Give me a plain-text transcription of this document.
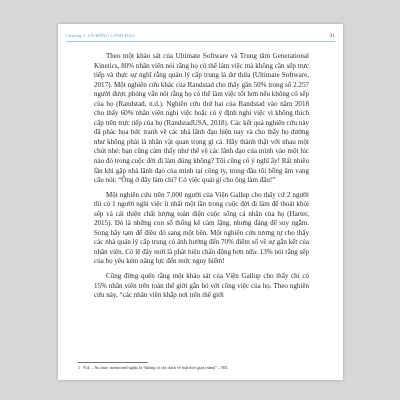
Chương 1: LỖ HỔNG LÃNH ĐẠO	31

Theo một khảo sát của Ultimate Software và Trung tâm Generational Kinetics, 80% nhân viên nói rằng họ có thể làm việc mà không cần sếp trực tiếp và thực sự nghĩ rằng quản lý cấp trung là dư thừa (Ultimate Software, 2017). Một nghiên cứu khác của Randstad cho thấy gần 50% trong số 2.257 người được phỏng vấn nói rằng họ có thể làm việc tốt hơn nếu không có sếp của họ (Randstad, n.d.). Nghiên cứu thứ hai của Randstad vào năm 2018 cho thấy 60% nhân viên nghỉ việc hoặc có ý định nghỉ việc vì không thích cấp trên trực tiếp của họ (RandstadUSA, 2018). Các kết quả nghiên cứu này đã phác họa bức tranh về các nhà lãnh đạo hiện nay và cho thấy họ dường như không phải là nhân vật quan trọng gì cả. Hãy thành thật với nhau một chút nhé: bạn cũng cảm thấy như thế về các lãnh đạo của mình vào một lúc nào đó trong cuộc đời đi làm đúng không? Tôi cũng có ý nghĩ ấy! Rất nhiều lần khi gặp nhà lãnh đạo của mình tại công ty, trong đầu tôi bỗng âm vang câu nói: “Ông ở đây làm chi? Có việc quái gì cho ông làm đâu!”

Một nghiên cứu trên 7.000 người của Viện Gallup cho thấy cứ 2 người thì có 1 người nghỉ việc ít nhất một lần trong cuộc đời đi làm để thoát khỏi sếp và cải thiện chất lượng toàn diện cuộc sống cá nhân của họ (Harter, 2015). Đó là những con số thống kê cảm lặng, nhưng đáng để suy ngẫm. Song hãy tạm để điều đó sang một bên. Một nghiên cứu tương tự cho thấy các nhà quản lý cấp trung có ảnh hưởng đến 70% điểm số về sự gắn kết của nhân viên. Có lẽ đây mới là phát hiện chấn động hơn nữa: 13% nói rằng sếp của họ yêu kém năng lực đến mức nguy hiểm!

Cũng đừng quên rằng một khảo sát của Viện Gallup cho thấy chỉ có 15% nhân viên trên toàn thế giới gắn bó với công việc của họ. Theo nghiên cứu này, “các nhân viên khắp nơi trên thế giới

1 N.d. – No date: mentioned nghĩa là “không có chỉ thích về mặt thời gian (năm)” – ND.
